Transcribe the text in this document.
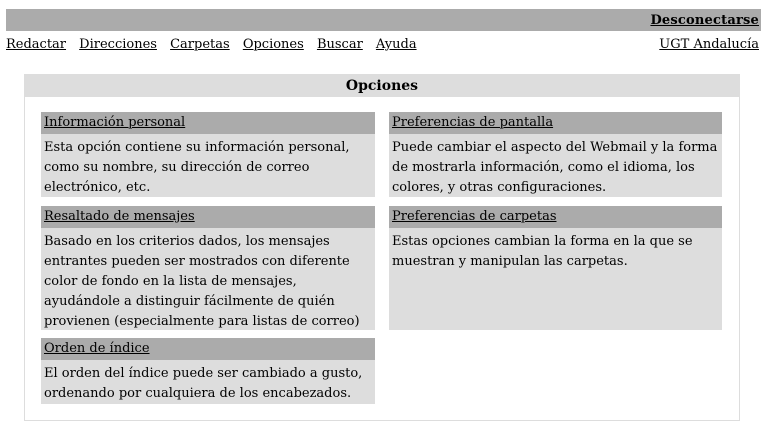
Desconectarse
Redactar Direcciones Carpetas Opciones Buscar Ayuda	UGT Andalucía
Opciones
Información personal
Esta opción contiene su información personal, como su nombre, su dirección de correo electrónico, etc.
Preferencias de pantalla
Puede cambiar el aspecto del Webmail y la forma de mostrarla información, como el idioma, los colores, y otras configuraciones.
Resaltado de mensajes
Basado en los criterios dados, los mensajes entrantes pueden ser mostrados con diferente color de fondo en la lista de mensajes, ayudándole a distinguir fácilmente de quién provienen (especialmente para listas de correo)
Preferencias de carpetas
Estas opciones cambian la forma en la que se muestran y manipulan las carpetas.
Orden de índice
El orden del índice puede ser cambiado a gusto, ordenando por cualquiera de los encabezados.
